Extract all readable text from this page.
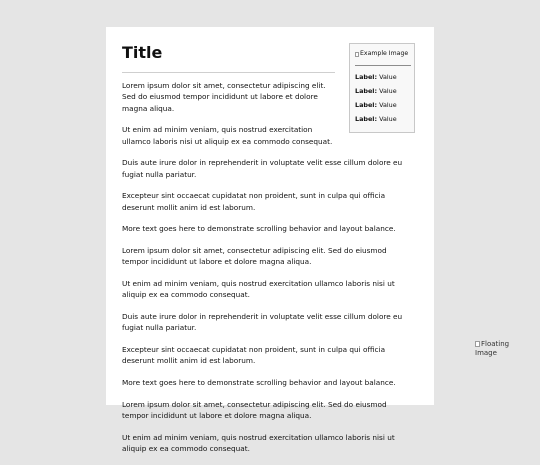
Title	Example Image
Label: Value
Label: Value
Label: Value
Label: Value

Lorem ipsum dolor sit amet, consectetur adipiscing elit. Sed do eiusmod tempor incididunt ut labore et dolore magna aliqua.

Ut enim ad minim veniam, quis nostrud exercitation ullamco laboris nisi ut aliquip ex ea commodo consequat.

Duis aute irure dolor in reprehenderit in voluptate velit esse cillum dolore eu fugiat nulla pariatur.

Excepteur sint occaecat cupidatat non proident, sunt in culpa qui officia deserunt mollit anim id est laborum.

More text goes here to demonstrate scrolling behavior and layout balance.

Lorem ipsum dolor sit amet, consectetur adipiscing elit. Sed do eiusmod tempor incididunt ut labore et dolore magna aliqua.

Ut enim ad minim veniam, quis nostrud exercitation ullamco laboris nisi ut aliquip ex ea commodo consequat.

Duis aute irure dolor in reprehenderit in voluptate velit esse cillum dolore eu fugiat nulla pariatur.

Excepteur sint occaecat cupidatat non proident, sunt in culpa qui officia deserunt mollit anim id est laborum.

More text goes here to demonstrate scrolling behavior and layout balance.

Lorem ipsum dolor sit amet, consectetur adipiscing elit. Sed do eiusmod tempor incididunt ut labore et dolore magna aliqua.

Ut enim ad minim veniam, quis nostrud exercitation ullamco laboris nisi ut aliquip ex ea commodo consequat.

Floating Image
